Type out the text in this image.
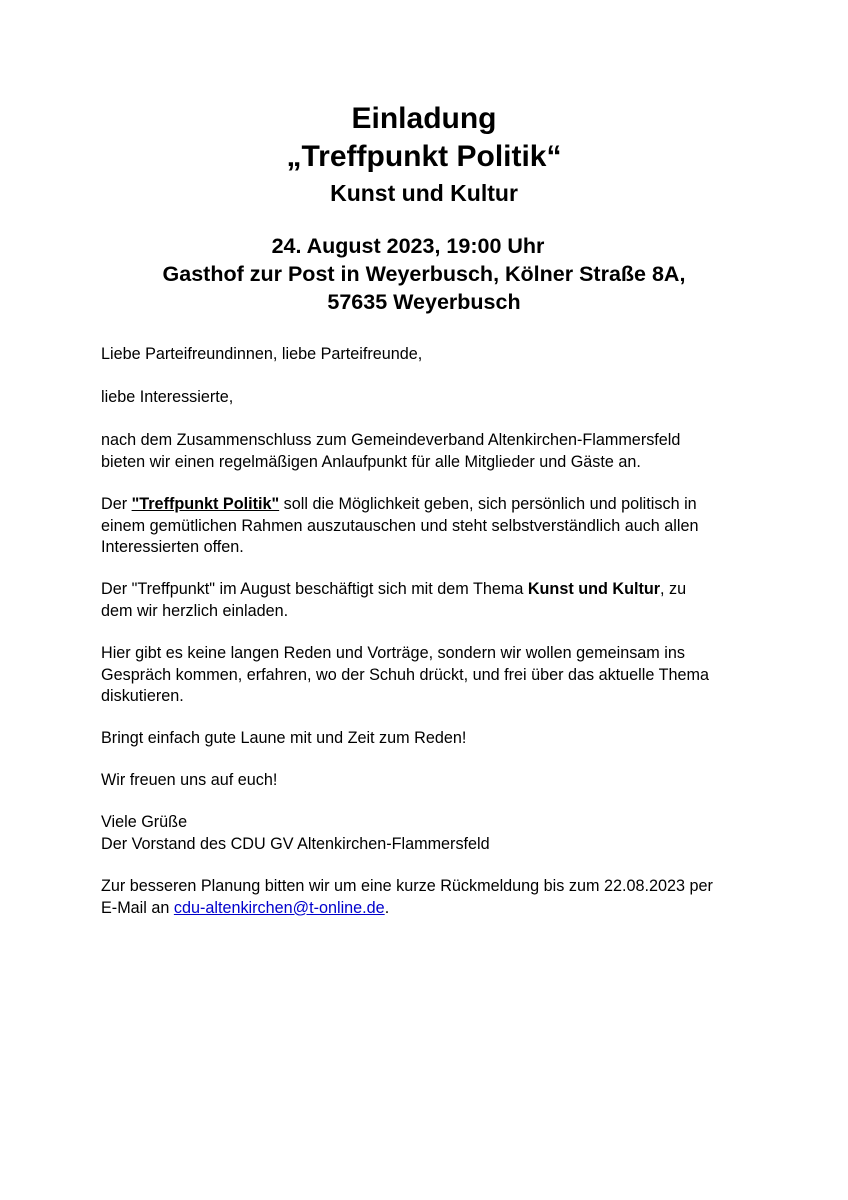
Einladung
„Treffpunkt Politik“
Kunst und Kultur
24. August 2023, 19:00 Uhr
Gasthof zur Post in Weyerbusch, Kölner Straße 8A,
57635 Weyerbusch

Liebe Parteifreundinnen, liebe Parteifreunde,

liebe Interessierte,

nach dem Zusammenschluss zum Gemeindeverband Altenkirchen-Flammersfeld

bieten wir einen regelmäßigen Anlaufpunkt für alle Mitglieder und Gäste an.

Der "Treffpunkt Politik" soll die Möglichkeit geben, sich persönlich und politisch in

einem gemütlichen Rahmen auszutauschen und steht selbstverständlich auch allen

Interessierten offen.

Der "Treffpunkt" im August beschäftigt sich mit dem Thema Kunst und Kultur, zu

dem wir herzlich einladen.

Hier gibt es keine langen Reden und Vorträge, sondern wir wollen gemeinsam ins

Gespräch kommen, erfahren, wo der Schuh drückt, und frei über das aktuelle Thema

diskutieren.

Bringt einfach gute Laune mit und Zeit zum Reden!

Wir freuen uns auf euch!

Viele Grüße

Der Vorstand des CDU GV Altenkirchen-Flammersfeld

Zur besseren Planung bitten wir um eine kurze Rückmeldung bis zum 22.08.2023 per

E-Mail an cdu-altenkirchen@t-online.de.
